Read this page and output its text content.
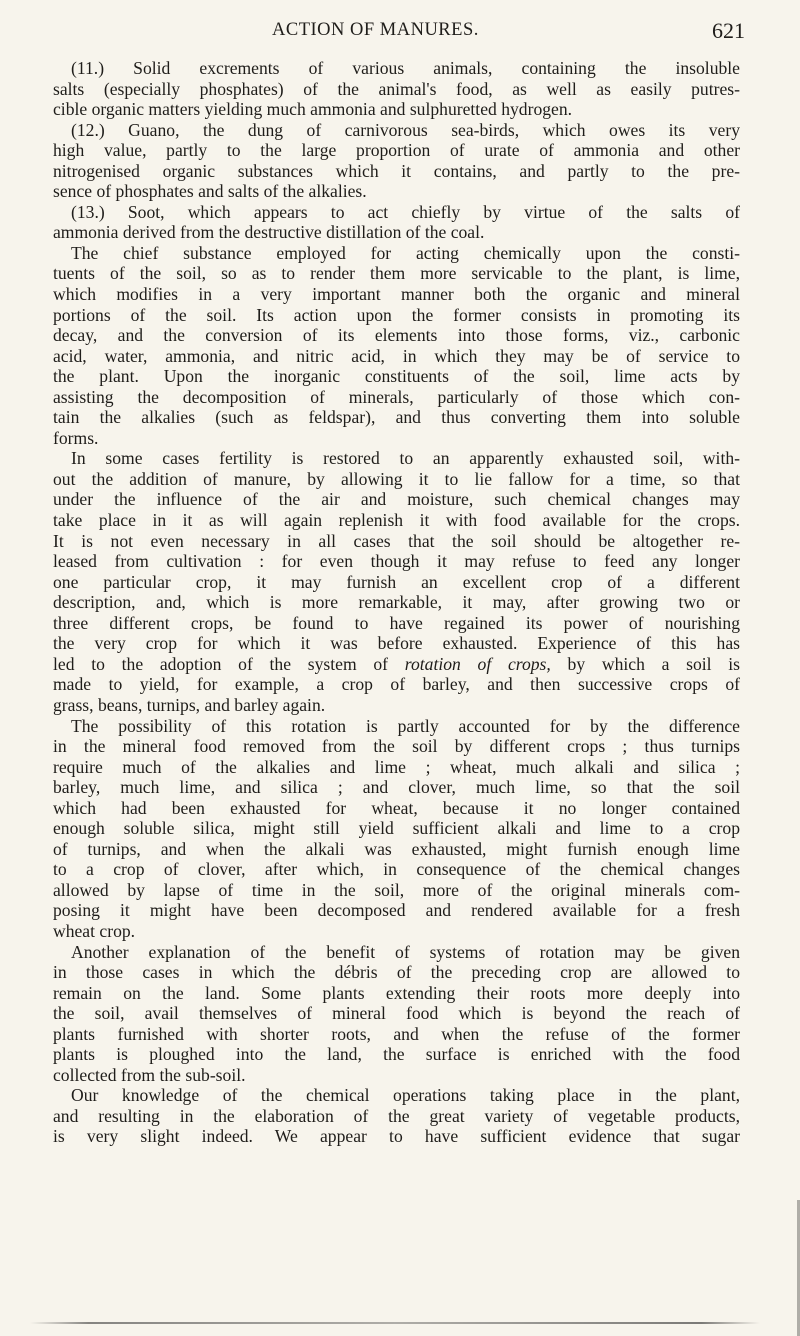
ACTION OF MANURES.	621
(11.) Solid excrements of various animals, containing the insoluble
salts (especially phosphates) of the animal's food, as well as easily putres-
cible organic matters yielding much ammonia and sulphuretted hydrogen.
(12.) Guano, the dung of carnivorous sea-birds, which owes its very
high value, partly to the large proportion of urate of ammonia and other
nitrogenised organic substances which it contains, and partly to the pre-
sence of phosphates and salts of the alkalies.
(13.) Soot, which appears to act chiefly by virtue of the salts of
ammonia derived from the destructive distillation of the coal.
The chief substance employed for acting chemically upon the consti-
tuents of the soil, so as to render them more servicable to the plant, is lime,
which modifies in a very important manner both the organic and mineral
portions of the soil. Its action upon the former consists in promoting its
decay, and the conversion of its elements into those forms, viz., carbonic
acid, water, ammonia, and nitric acid, in which they may be of service to
the plant. Upon the inorganic constituents of the soil, lime acts by
assisting the decomposition of minerals, particularly of those which con-
tain the alkalies (such as feldspar), and thus converting them into soluble
forms.
In some cases fertility is restored to an apparently exhausted soil, with-
out the addition of manure, by allowing it to lie fallow for a time, so that
under the influence of the air and moisture, such chemical changes may
take place in it as will again replenish it with food available for the crops.
It is not even necessary in all cases that the soil should be altogether re-
leased from cultivation : for even though it may refuse to feed any longer
one particular crop, it may furnish an excellent crop of a different
description, and, which is more remarkable, it may, after growing two or
three different crops, be found to have regained its power of nourishing
the very crop for which it was before exhausted. Experience of this has
led to the adoption of the system of rotation of crops, by which a soil is
made to yield, for example, a crop of barley, and then successive crops of
grass, beans, turnips, and barley again.
The possibility of this rotation is partly accounted for by the difference
in the mineral food removed from the soil by different crops ; thus turnips
require much of the alkalies and lime ; wheat, much alkali and silica ;
barley, much lime, and silica ; and clover, much lime, so that the soil
which had been exhausted for wheat, because it no longer contained
enough soluble silica, might still yield sufficient alkali and lime to a crop
of turnips, and when the alkali was exhausted, might furnish enough lime
to a crop of clover, after which, in consequence of the chemical changes
allowed by lapse of time in the soil, more of the original minerals com-
posing it might have been decomposed and rendered available for a fresh
wheat crop.
Another explanation of the benefit of systems of rotation may be given
in those cases in which the débris of the preceding crop are allowed to
remain on the land. Some plants extending their roots more deeply into
the soil, avail themselves of mineral food which is beyond the reach of
plants furnished with shorter roots, and when the refuse of the former
plants is ploughed into the land, the surface is enriched with the food
collected from the sub-soil.
Our knowledge of the chemical operations taking place in the plant,
and resulting in the elaboration of the great variety of vegetable products,
is very slight indeed. We appear to have sufficient evidence that sugar
